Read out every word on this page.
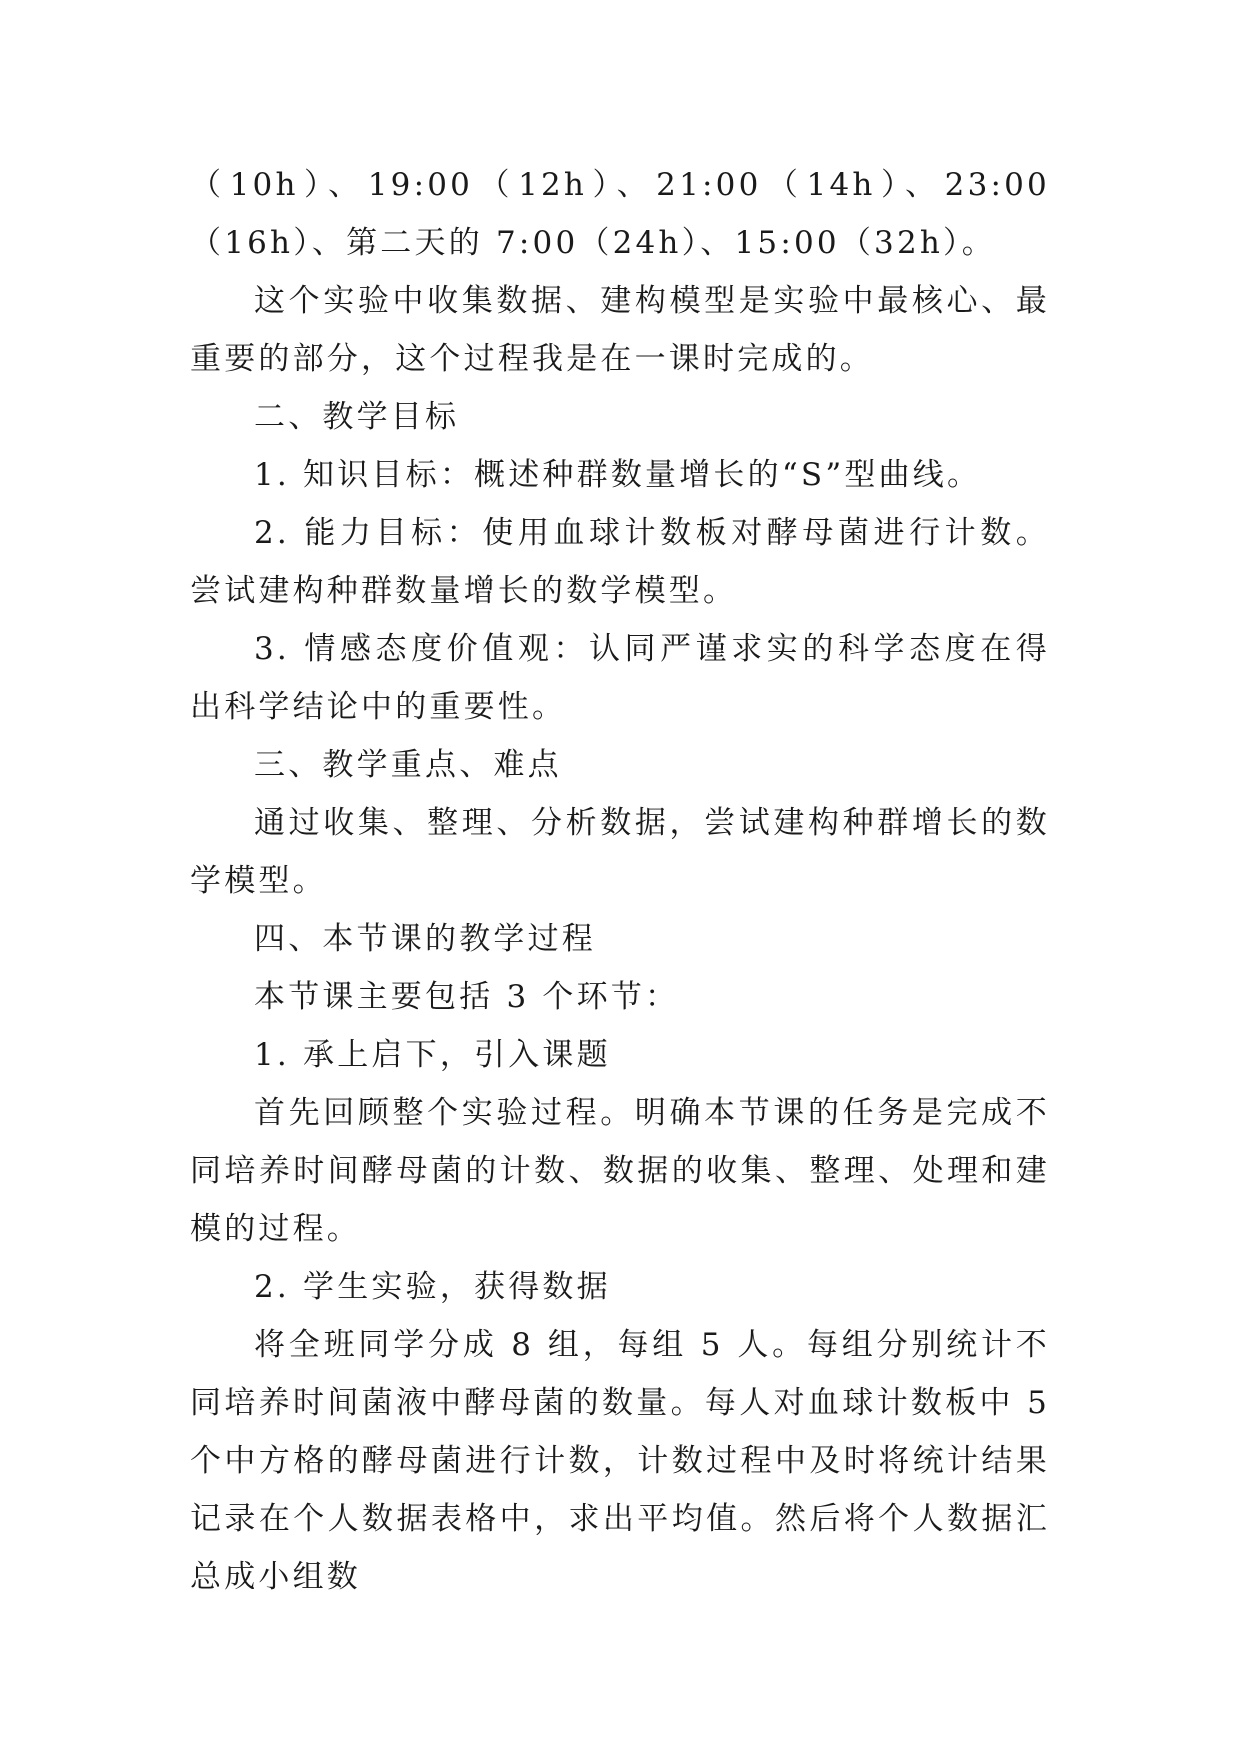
（10h）、19:00（12h）、21:00（14h）、23:00（16h）、第二天的 7:00（24h）、15:00（32h）。

这个实验中收集数据、建构模型是实验中最核心、最重要的部分，这个过程我是在一课时完成的。

二、教学目标

1. 知识目标：概述种群数量增长的“S”型曲线。

2. 能力目标：使用血球计数板对酵母菌进行计数。尝试建构种群数量增长的数学模型。

3. 情感态度价值观：认同严谨求实的科学态度在得出科学结论中的重要性。

三、教学重点、难点

通过收集、整理、分析数据，尝试建构种群增长的数学模型。

四、本节课的教学过程

本节课主要包括 3 个环节：

1. 承上启下，引入课题

首先回顾整个实验过程。明确本节课的任务是完成不同培养时间酵母菌的计数、数据的收集、整理、处理和建模的过程。

2. 学生实验，获得数据

将全班同学分成 8 组，每组 5 人。每组分别统计不同培养时间菌液中酵母菌的数量。每人对血球计数板中 5 个中方格的酵母菌进行计数，计数过程中及时将统计结果记录在个人数据表格中，求出平均值。然后将个人数据汇总成小组数
